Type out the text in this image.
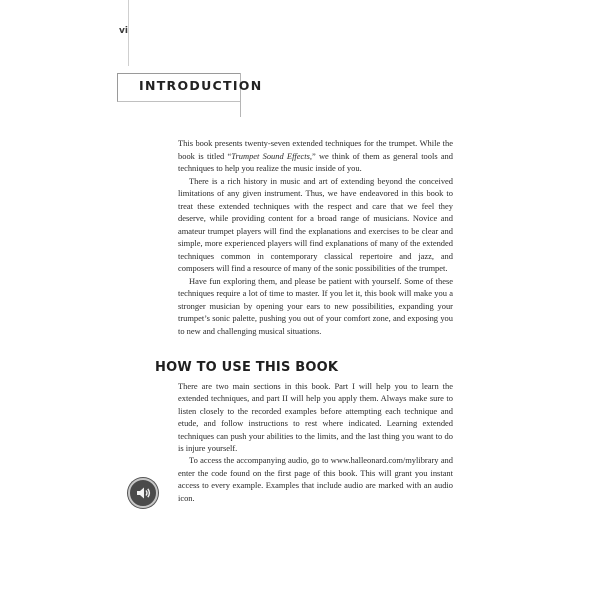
vi
INTRODUCTION

This book presents twenty-seven extended techniques for the trumpet. While the book is titled “Trumpet Sound Effects,” we think of them as general tools and techniques to help you realize the music inside of you.

There is a rich history in music and art of extending beyond the conceived limitations of any given instrument. Thus, we have endeavored in this book to treat these extended techniques with the respect and care that we feel they deserve, while providing content for a broad range of musicians. Novice and amateur trumpet players will find the explanations and exercises to be clear and simple, more experienced players will find explanations of many of the extended techniques common in contemporary classical repertoire and jazz, and composers will find a resource of many of the sonic possibilities of the trumpet.

Have fun exploring them, and please be patient with yourself. Some of these techniques require a lot of time to master. If you let it, this book will make you a stronger musician by opening your ears to new possibilities, expanding your trumpet’s sonic palette, pushing you out of your comfort zone, and exposing you to new and challenging musical situations.

HOW TO USE THIS BOOK

There are two main sections in this book. Part I will help you to learn the extended techniques, and part II will help you apply them. Always make sure to listen closely to the recorded examples before attempting each technique and etude, and follow instructions to rest where indicated. Learning extended techniques can push your abilities to the limits, and the last thing you want to do is injure yourself.

To access the accompanying audio, go to www.halleonard.com/mylibrary and enter the code found on the first page of this book. This will grant you instant access to every example. Examples that include audio are marked with an audio icon.
